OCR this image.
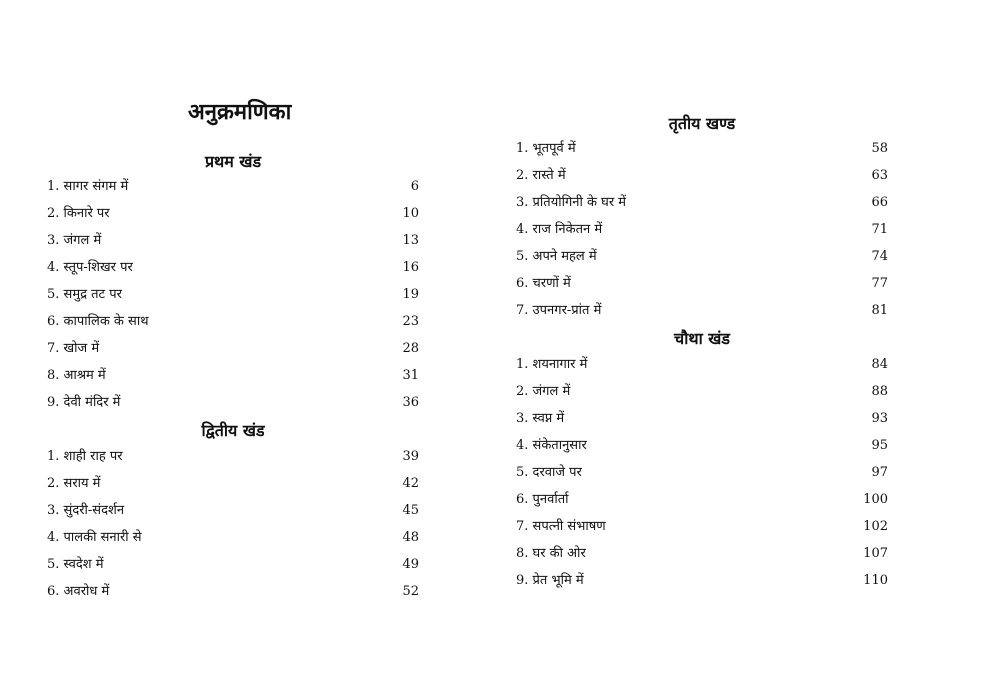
अनुक्रमणिका
प्रथम खंड
1. सागर संगम में	6
2. किनारे पर	10
3. जंगल में	13
4. स्तूप-शिखर पर	16
5. समुद्र तट पर	19
6. कापालिक के साथ	23
7. खोज में	28
8. आश्रम में	31
9. देवी मंदिर में	36
द्वितीय खंड
1. शाही राह पर	39
2. सराय में	42
3. सुंदरी-संदर्शन	45
4. पालकी सनारी से	48
5. स्वदेश में	49
6. अवरोध में	52
तृतीय खण्ड
1. भूतपूर्व में	58
2. रास्ते में	63
3. प्रतियोगिनी के घर में	66
4. राज निकेतन में	71
5. अपने महल में	74
6. चरणों में	77
7. उपनगर-प्रांत में	81
चौथा खंड
1. शयनागार में	84
2. जंगल में	88
3. स्वप्न में	93
4. संकेतानुसार	95
5. दरवाजे पर	97
6. पुनर्वार्ता	100
7. सपत्नी संभाषण	102
8. घर की ओर	107
9. प्रेत भूमि में	110
